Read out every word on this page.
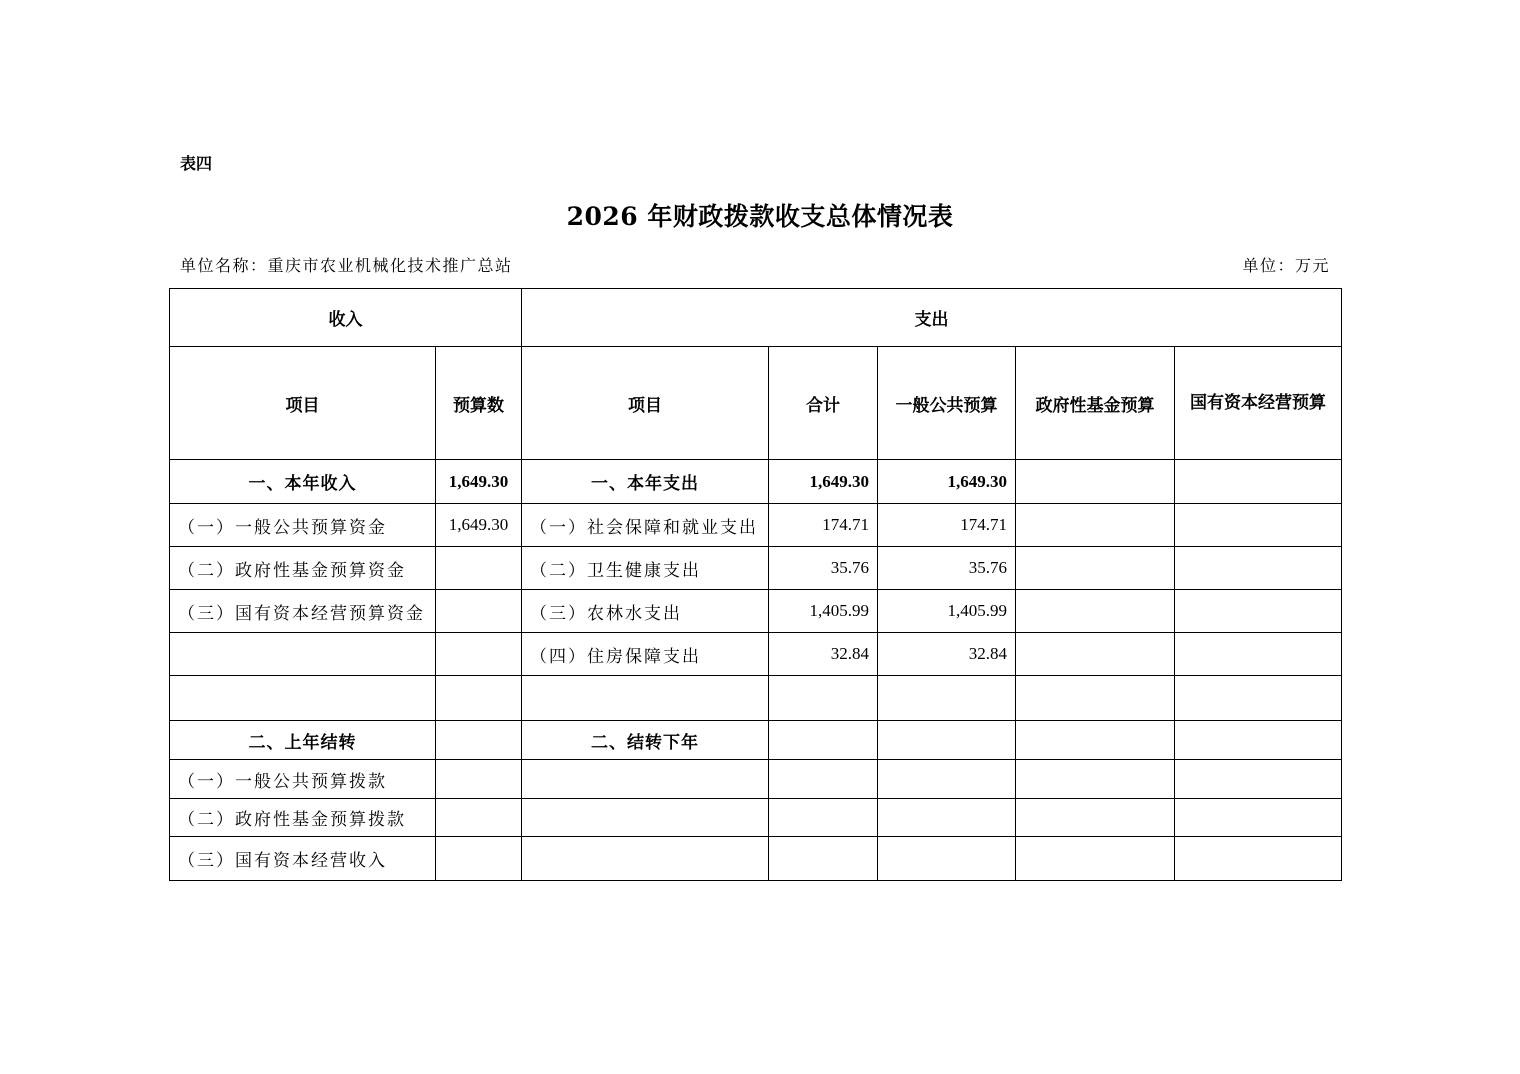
表四
2026 年财政拨款收支总体情况表
单位名称：重庆市农业机械化技术推广总站	单位：万元
收入		支出				
项目	预算数	项目	合计	一般公共预算	政府性基金预算	国有资本经营预算
一、本年收入	1,649.30	一、本年支出	1,649.30	1,649.30		
（一）一般公共预算资金	1,649.30	（一）社会保障和就业支出	174.71	174.71		
（二）政府性基金预算资金		（二）卫生健康支出	35.76	35.76		
（三）国有资本经营预算资金		（三）农林水支出	1,405.99	1,405.99		
		（四）住房保障支出	32.84	32.84		

二、上年结转		二、结转下年				
（一）一般公共预算拨款						
（二）政府性基金预算拨款						
（三）国有资本经营收入						
